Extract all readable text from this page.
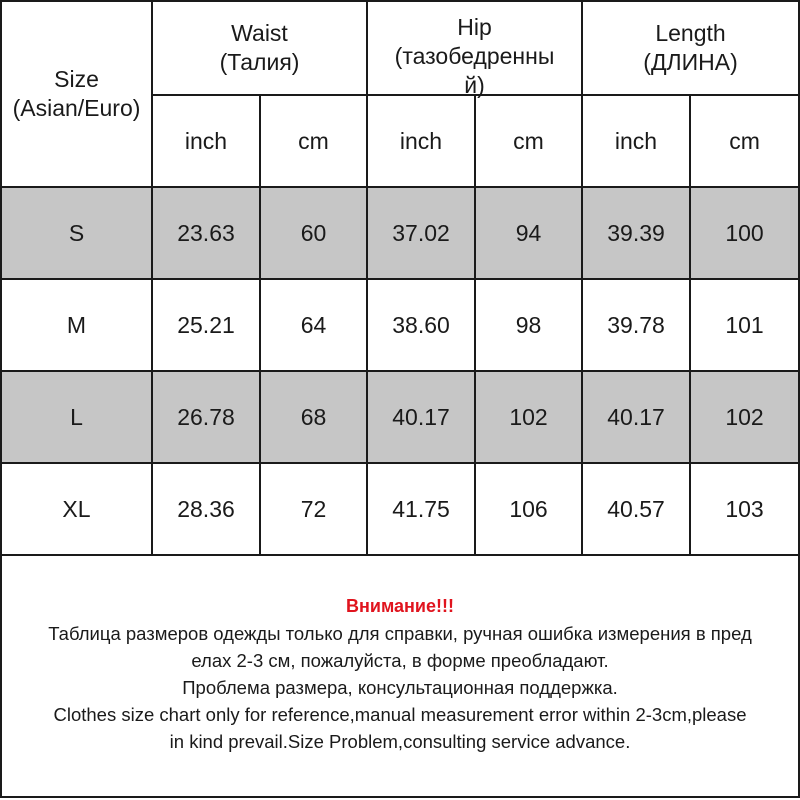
Size
(Asian/Euro)	Waist
(Талия)		Hip
(тазобедренны
й)		Length
(ДЛИНА)	
	inch	cm	inch	cm	inch	cm
S	23.63	60	37.02	94	39.39	100
M	25.21	64	38.60	98	39.78	101
L	26.78	68	40.17	102	40.17	102
XL	28.36	72	41.75	106	40.57	103
Внимание!!!
Таблица размеров одежды только для справки, ручная ошибка измерения в пред
елах 2-3 см, пожалуйста, в форме преобладают.
Проблема размера, консультационная поддержка.
Clothes size chart only for reference,manual measurement error within 2-3cm,please
in kind prevail.Size Problem,consulting service advance.
